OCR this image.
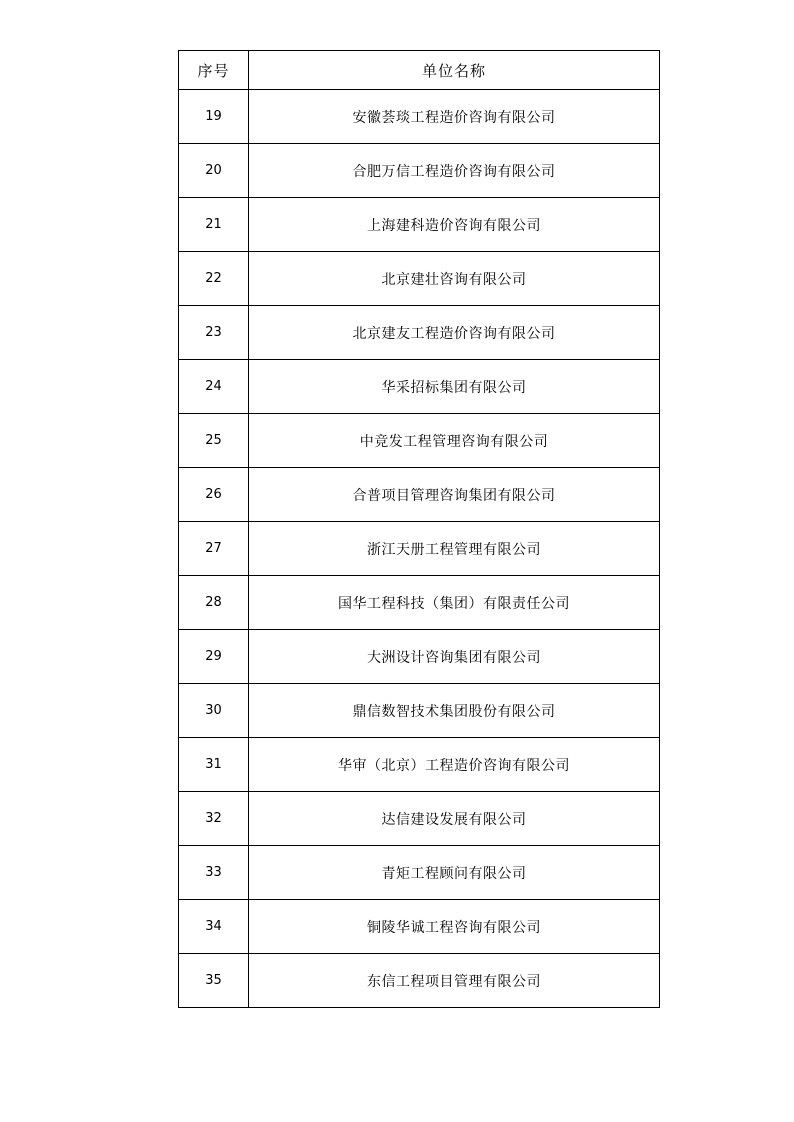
序号	单位名称
19	安徽荟琰工程造价咨询有限公司
20	合肥万信工程造价咨询有限公司
21	上海建科造价咨询有限公司
22	北京建壮咨询有限公司
23	北京建友工程造价咨询有限公司
24	华采招标集团有限公司
25	中竞发工程管理咨询有限公司
26	合普项目管理咨询集团有限公司
27	浙江天册工程管理有限公司
28	国华工程科技（集团）有限责任公司
29	大洲设计咨询集团有限公司
30	鼎信数智技术集团股份有限公司
31	华审（北京）工程造价咨询有限公司
32	达信建设发展有限公司
33	青矩工程顾问有限公司
34	铜陵华诚工程咨询有限公司
35	东信工程项目管理有限公司
